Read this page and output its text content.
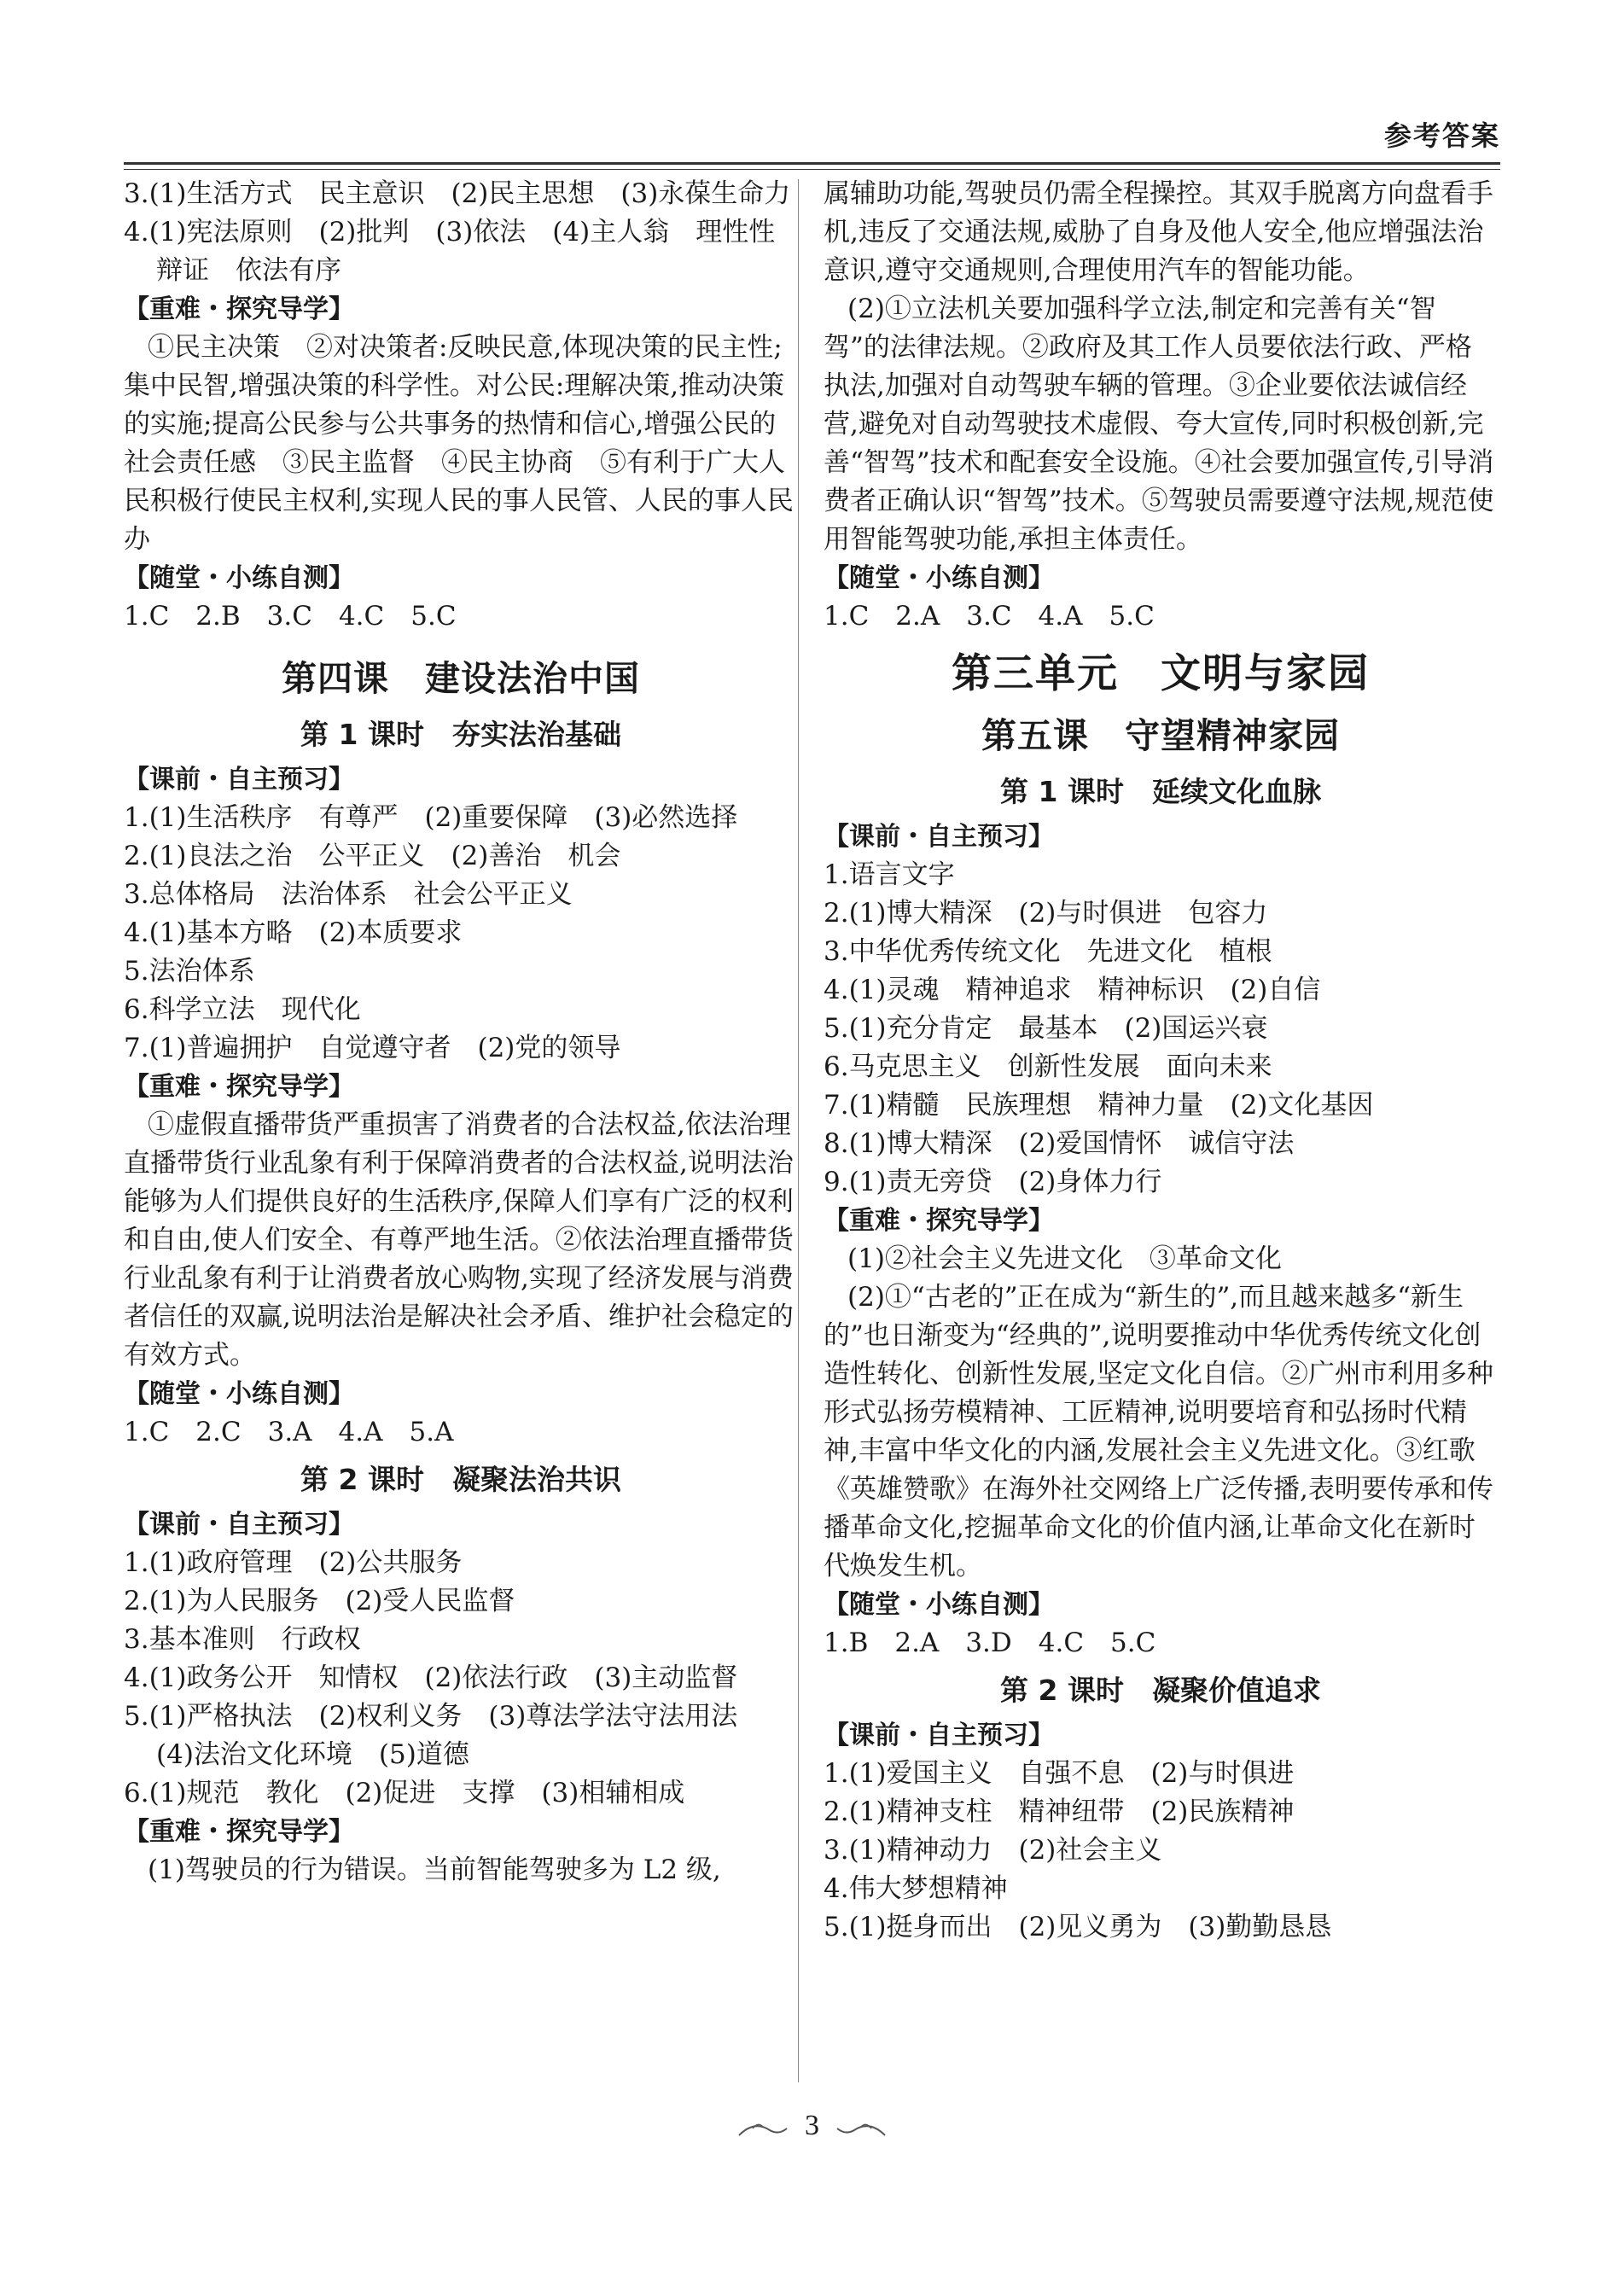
参考答案

3.(1)生活方式　民主意识　(2)民主思想　(3)永葆生命力

4.(1)宪法原则　(2)批判　(3)依法　(4)主人翁　理性性　辩证　依法有序

【重难・探究导学】

①民主决策　②对决策者:反映民意,体现决策的民主性;集中民智,增强决策的科学性。对公民:理解决策,推动决策的实施;提高公民参与公共事务的热情和信心,增强公民的社会责任感　③民主监督　④民主协商　⑤有利于广大人民积极行使民主权利,实现人民的事人民管、人民的事人民办

【随堂・小练自测】

1.C　2.B　3.C　4.C　5.C

第四课　建设法治中国
第 1 课时　夯实法治基础

【课前・自主预习】

1.(1)生活秩序　有尊严　(2)重要保障　(3)必然选择

2.(1)良法之治　公平正义　(2)善治　机会

3.总体格局　法治体系　社会公平正义

4.(1)基本方略　(2)本质要求

5.法治体系

6.科学立法　现代化

7.(1)普遍拥护　自觉遵守者　(2)党的领导

【重难・探究导学】

①虚假直播带货严重损害了消费者的合法权益,依法治理直播带货行业乱象有利于保障消费者的合法权益,说明法治能够为人们提供良好的生活秩序,保障人们享有广泛的权利和自由,使人们安全、有尊严地生活。②依法治理直播带货行业乱象有利于让消费者放心购物,实现了经济发展与消费者信任的双赢,说明法治是解决社会矛盾、维护社会稳定的有效方式。

【随堂・小练自测】

1.C　2.C　3.A　4.A　5.A

第 2 课时　凝聚法治共识

【课前・自主预习】

1.(1)政府管理　(2)公共服务

2.(1)为人民服务　(2)受人民监督

3.基本准则　行政权

4.(1)政务公开　知情权　(2)依法行政　(3)主动监督

5.(1)严格执法　(2)权利义务　(3)尊法学法守法用法　(4)法治文化环境　(5)道德

6.(1)规范　教化　(2)促进　支撑　(3)相辅相成

【重难・探究导学】

(1)驾驶员的行为错误。当前智能驾驶多为 L2 级,

属辅助功能,驾驶员仍需全程操控。其双手脱离方向盘看手机,违反了交通法规,威胁了自身及他人安全,他应增强法治意识,遵守交通规则,合理使用汽车的智能功能。

(2)①立法机关要加强科学立法,制定和完善有关“智驾”的法律法规。②政府及其工作人员要依法行政、严格执法,加强对自动驾驶车辆的管理。③企业要依法诚信经营,避免对自动驾驶技术虚假、夸大宣传,同时积极创新,完善“智驾”技术和配套安全设施。④社会要加强宣传,引导消费者正确认识“智驾”技术。⑤驾驶员需要遵守法规,规范使用智能驾驶功能,承担主体责任。

【随堂・小练自测】

1.C　2.A　3.C　4.A　5.C

第三单元　文明与家园
第五课　守望精神家园
第 1 课时　延续文化血脉

【课前・自主预习】

1.语言文字

2.(1)博大精深　(2)与时俱进　包容力

3.中华优秀传统文化　先进文化　植根

4.(1)灵魂　精神追求　精神标识　(2)自信

5.(1)充分肯定　最基本　(2)国运兴衰

6.马克思主义　创新性发展　面向未来

7.(1)精髓　民族理想　精神力量　(2)文化基因

8.(1)博大精深　(2)爱国情怀　诚信守法

9.(1)责无旁贷　(2)身体力行

【重难・探究导学】

(1)②社会主义先进文化　③革命文化

(2)①“古老的”正在成为“新生的”,而且越来越多“新生的”也日渐变为“经典的”,说明要推动中华优秀传统文化创造性转化、创新性发展,坚定文化自信。②广州市利用多种形式弘扬劳模精神、工匠精神,说明要培育和弘扬时代精神,丰富中华文化的内涵,发展社会主义先进文化。③红歌《英雄赞歌》在海外社交网络上广泛传播,表明要传承和传播革命文化,挖掘革命文化的价值内涵,让革命文化在新时代焕发生机。

【随堂・小练自测】

1.B　2.A　3.D　4.C　5.C

第 2 课时　凝聚价值追求

【课前・自主预习】

1.(1)爱国主义　自强不息　(2)与时俱进

2.(1)精神支柱　精神纽带　(2)民族精神

3.(1)精神动力　(2)社会主义

4.伟大梦想精神

5.(1)挺身而出　(2)见义勇为　(3)勤勤恳恳

3
